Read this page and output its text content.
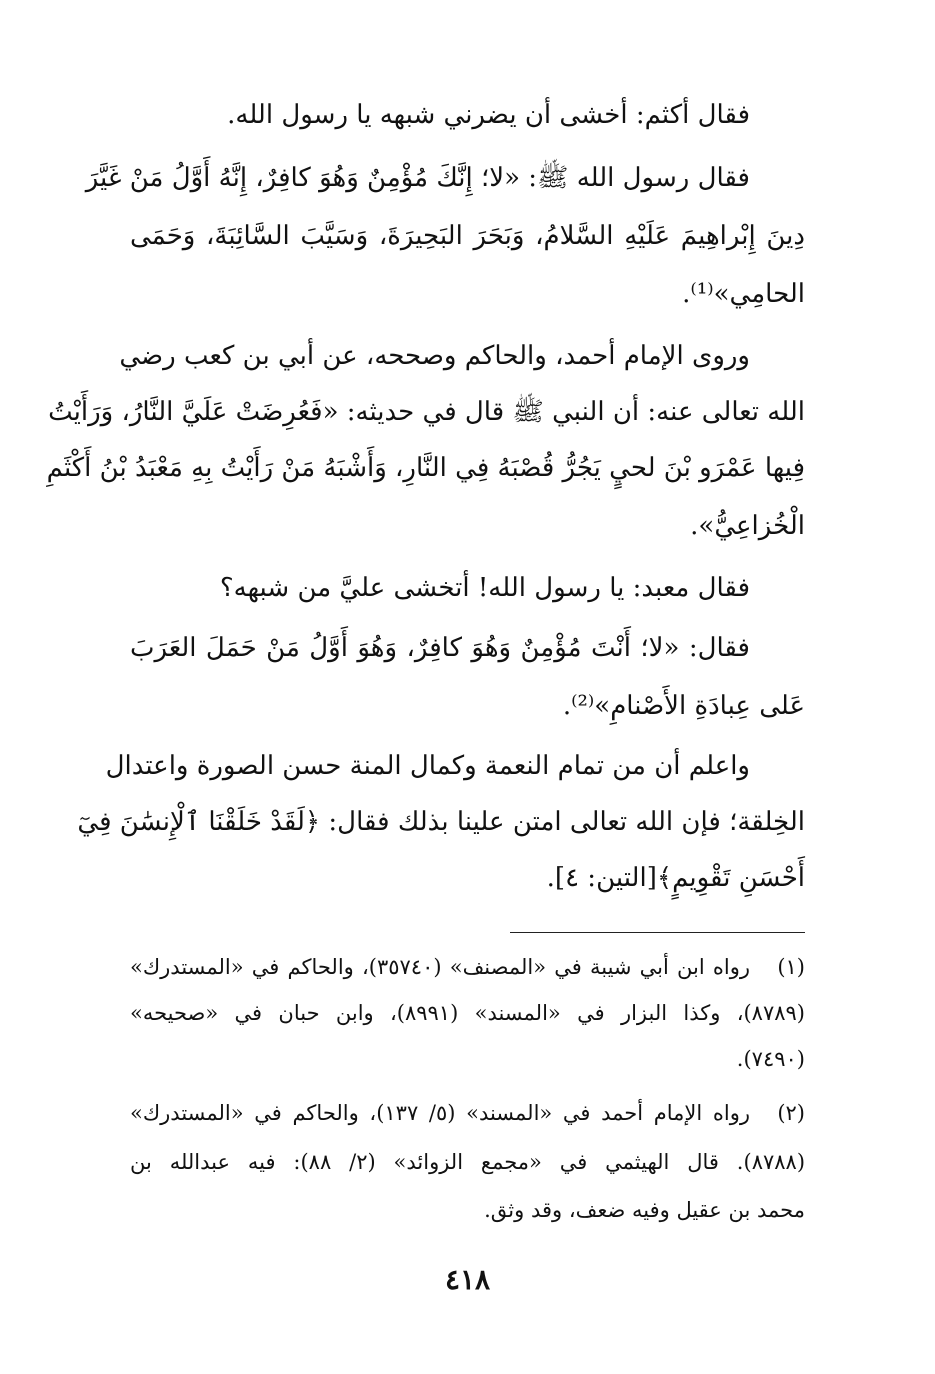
فقال أكثم: أخشى أن يضرني شبهه يا رسول الله.
فقال رسول الله ﷺ: «لا؛ إِنَّكَ مُؤْمِنٌ وَهُوَ كافِرٌ، إِنَّهُ أَوَّلُ مَنْ غَيَّرَ
دِينَ إِبْراهِيمَ عَلَيْهِ السَّلامُ، وَبَحَرَ البَحِيرَةَ، وَسَيَّبَ السَّائِبَةَ، وَحَمَى
الحامِي»⁽¹⁾.
وروى الإمام أحمد، والحاكم وصححه، عن أبي بن كعب رضي
الله تعالى عنه: أن النبي ﷺ قال في حديثه: «فَعُرِضَتْ عَلَيَّ النَّارُ، وَرَأَيْتُ
فِيها عَمْرَو بْنَ لحيٍ يَجُرُّ قُصْبَهُ فِي النَّارِ، وَأَشْبَهُ مَنْ رَأَيْتُ بِهِ مَعْبَدُ بْنُ أَكْثَمِ
الْخُزاعِيُّ».
فقال معبد: يا رسول الله! أتخشى عليَّ من شبهه؟
فقال: «لا؛ أَنْتَ مُؤْمِنٌ وَهُوَ كافِرٌ، وَهُوَ أَوَّلُ مَنْ حَمَلَ العَرَبَ
عَلى عِبادَةِ الأَصْنامِ»⁽²⁾.
واعلم أن من تمام النعمة وكمال المنة حسن الصورة واعتدال
الخِلقة؛ فإن الله تعالى امتن علينا بذلك فقال: ﴿لَقَدْ خَلَقْنَا ٱلْإِنسَٰنَ فِيٓ
أَحْسَنِ تَقْوِيمٍ﴾[التين: ٤].
(١)
رواه ابن أبي شيبة في «المصنف» (٣٥٧٤٠)، والحاكم في «المستدرك»
(٨٧٨٩)، وكذا البزار في «المسند» (٨٩٩١)، وابن حبان في «صحيحه»
(٧٤٩٠).
(٢)
رواه الإمام أحمد في «المسند» (٥/ ١٣٧)، والحاكم في «المستدرك»
(٨٧٨٨). قال الهيثمي في «مجمع الزوائد» (٢/ ٨٨): فيه عبدالله بن
محمد بن عقيل وفيه ضعف، وقد وثق.
٤١٨
